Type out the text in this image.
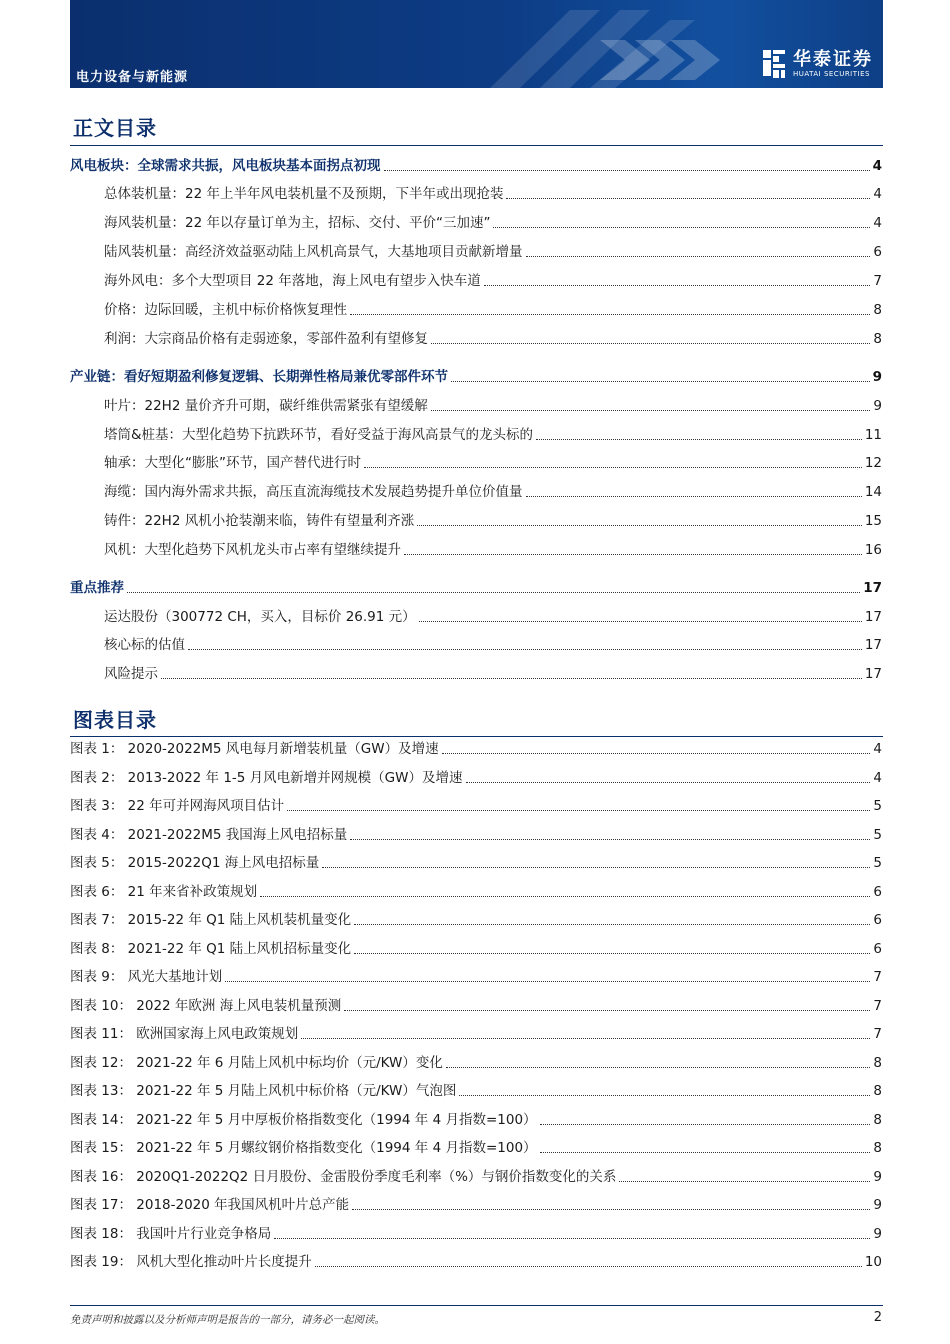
电力设备与新能源
华泰证券
HUATAI SECURITIES
正文目录
风电板块：全球需求共振，风电板块基本面拐点初现	4
总体装机量：22 年上半年风电装机量不及预期，下半年或出现抢装	4
海风装机量：22 年以存量订单为主，招标、交付、平价“三加速”	4
陆风装机量：高经济效益驱动陆上风机高景气，大基地项目贡献新增量	6
海外风电：多个大型项目 22 年落地，海上风电有望步入快车道	7
价格：边际回暖，主机中标价格恢复理性	8
利润：大宗商品价格有走弱迹象，零部件盈利有望修复	8
产业链：看好短期盈利修复逻辑、长期弹性格局兼优零部件环节	9
叶片：22H2 量价齐升可期，碳纤维供需紧张有望缓解	9
塔筒&桩基：大型化趋势下抗跌环节，看好受益于海风高景气的龙头标的	11
轴承：大型化“膨胀”环节，国产替代进行时	12
海缆：国内海外需求共振，高压直流海缆技术发展趋势提升单位价值量	14
铸件：22H2 风机小抢装潮来临，铸件有望量利齐涨	15
风机：大型化趋势下风机龙头市占率有望继续提升	16
重点推荐	17
运达股份（300772 CH，买入，目标价 26.91 元）	17
核心标的估值	17
风险提示	17
图表目录
图表 1： 2020-2022M5 风电每月新增装机量（GW）及增速	4
图表 2： 2013-2022 年 1-5 月风电新增并网规模（GW）及增速	4
图表 3： 22 年可并网海风项目估计	5
图表 4： 2021-2022M5 我国海上风电招标量	5
图表 5： 2015-2022Q1 海上风电招标量	5
图表 6： 21 年来省补政策规划	6
图表 7： 2015-22 年 Q1 陆上风机装机量变化	6
图表 8： 2021-22 年 Q1 陆上风机招标量变化	6
图表 9： 风光大基地计划	7
图表 10： 2022 年欧洲 海上风电装机量预测	7
图表 11： 欧洲国家海上风电政策规划	7
图表 12： 2021-22 年 6 月陆上风机中标均价（元/KW）变化	8
图表 13： 2021-22 年 5 月陆上风机中标价格（元/KW）气泡图	8
图表 14： 2021-22 年 5 月中厚板价格指数变化（1994 年 4 月指数=100）	8
图表 15： 2021-22 年 5 月螺纹钢价格指数变化（1994 年 4 月指数=100）	8
图表 16： 2020Q1-2022Q2 日月股份、金雷股份季度毛利率（%）与钢价指数变化的关系	9
图表 17： 2018-2020 年我国风机叶片总产能	9
图表 18： 我国叶片行业竞争格局	9
图表 19： 风机大型化推动叶片长度提升	10
免责声明和披露以及分析师声明是报告的一部分，请务必一起阅读。	2
